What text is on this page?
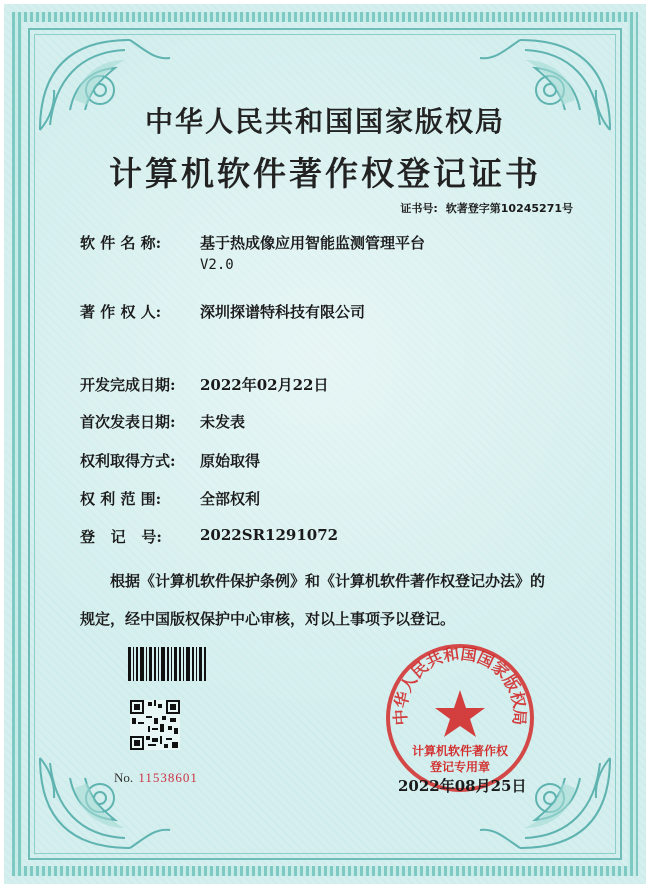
中华人民共和国国家版权局
计算机软件著作权登记证书
证书号: 软著登字第10245271号
软 件 名 称:	基于热成像应用智能监测管理平台
V2.0
著 作 权 人:	深圳探谱特科技有限公司
开发完成日期:	2022年02月22日
首次发表日期:	未发表
权利取得方式:	原始取得
权 利 范 围:	全部权利
登   记   号:	2022SR1291072
根据《计算机软件保护条例》和《计算机软件著作权登记办法》的
规定，经中国版权保护中心审核，对以上事项予以登记。
No. 11538601
中华人民共和国国家版权局
计算机软件著作权
登记专用章
2022年08月25日
